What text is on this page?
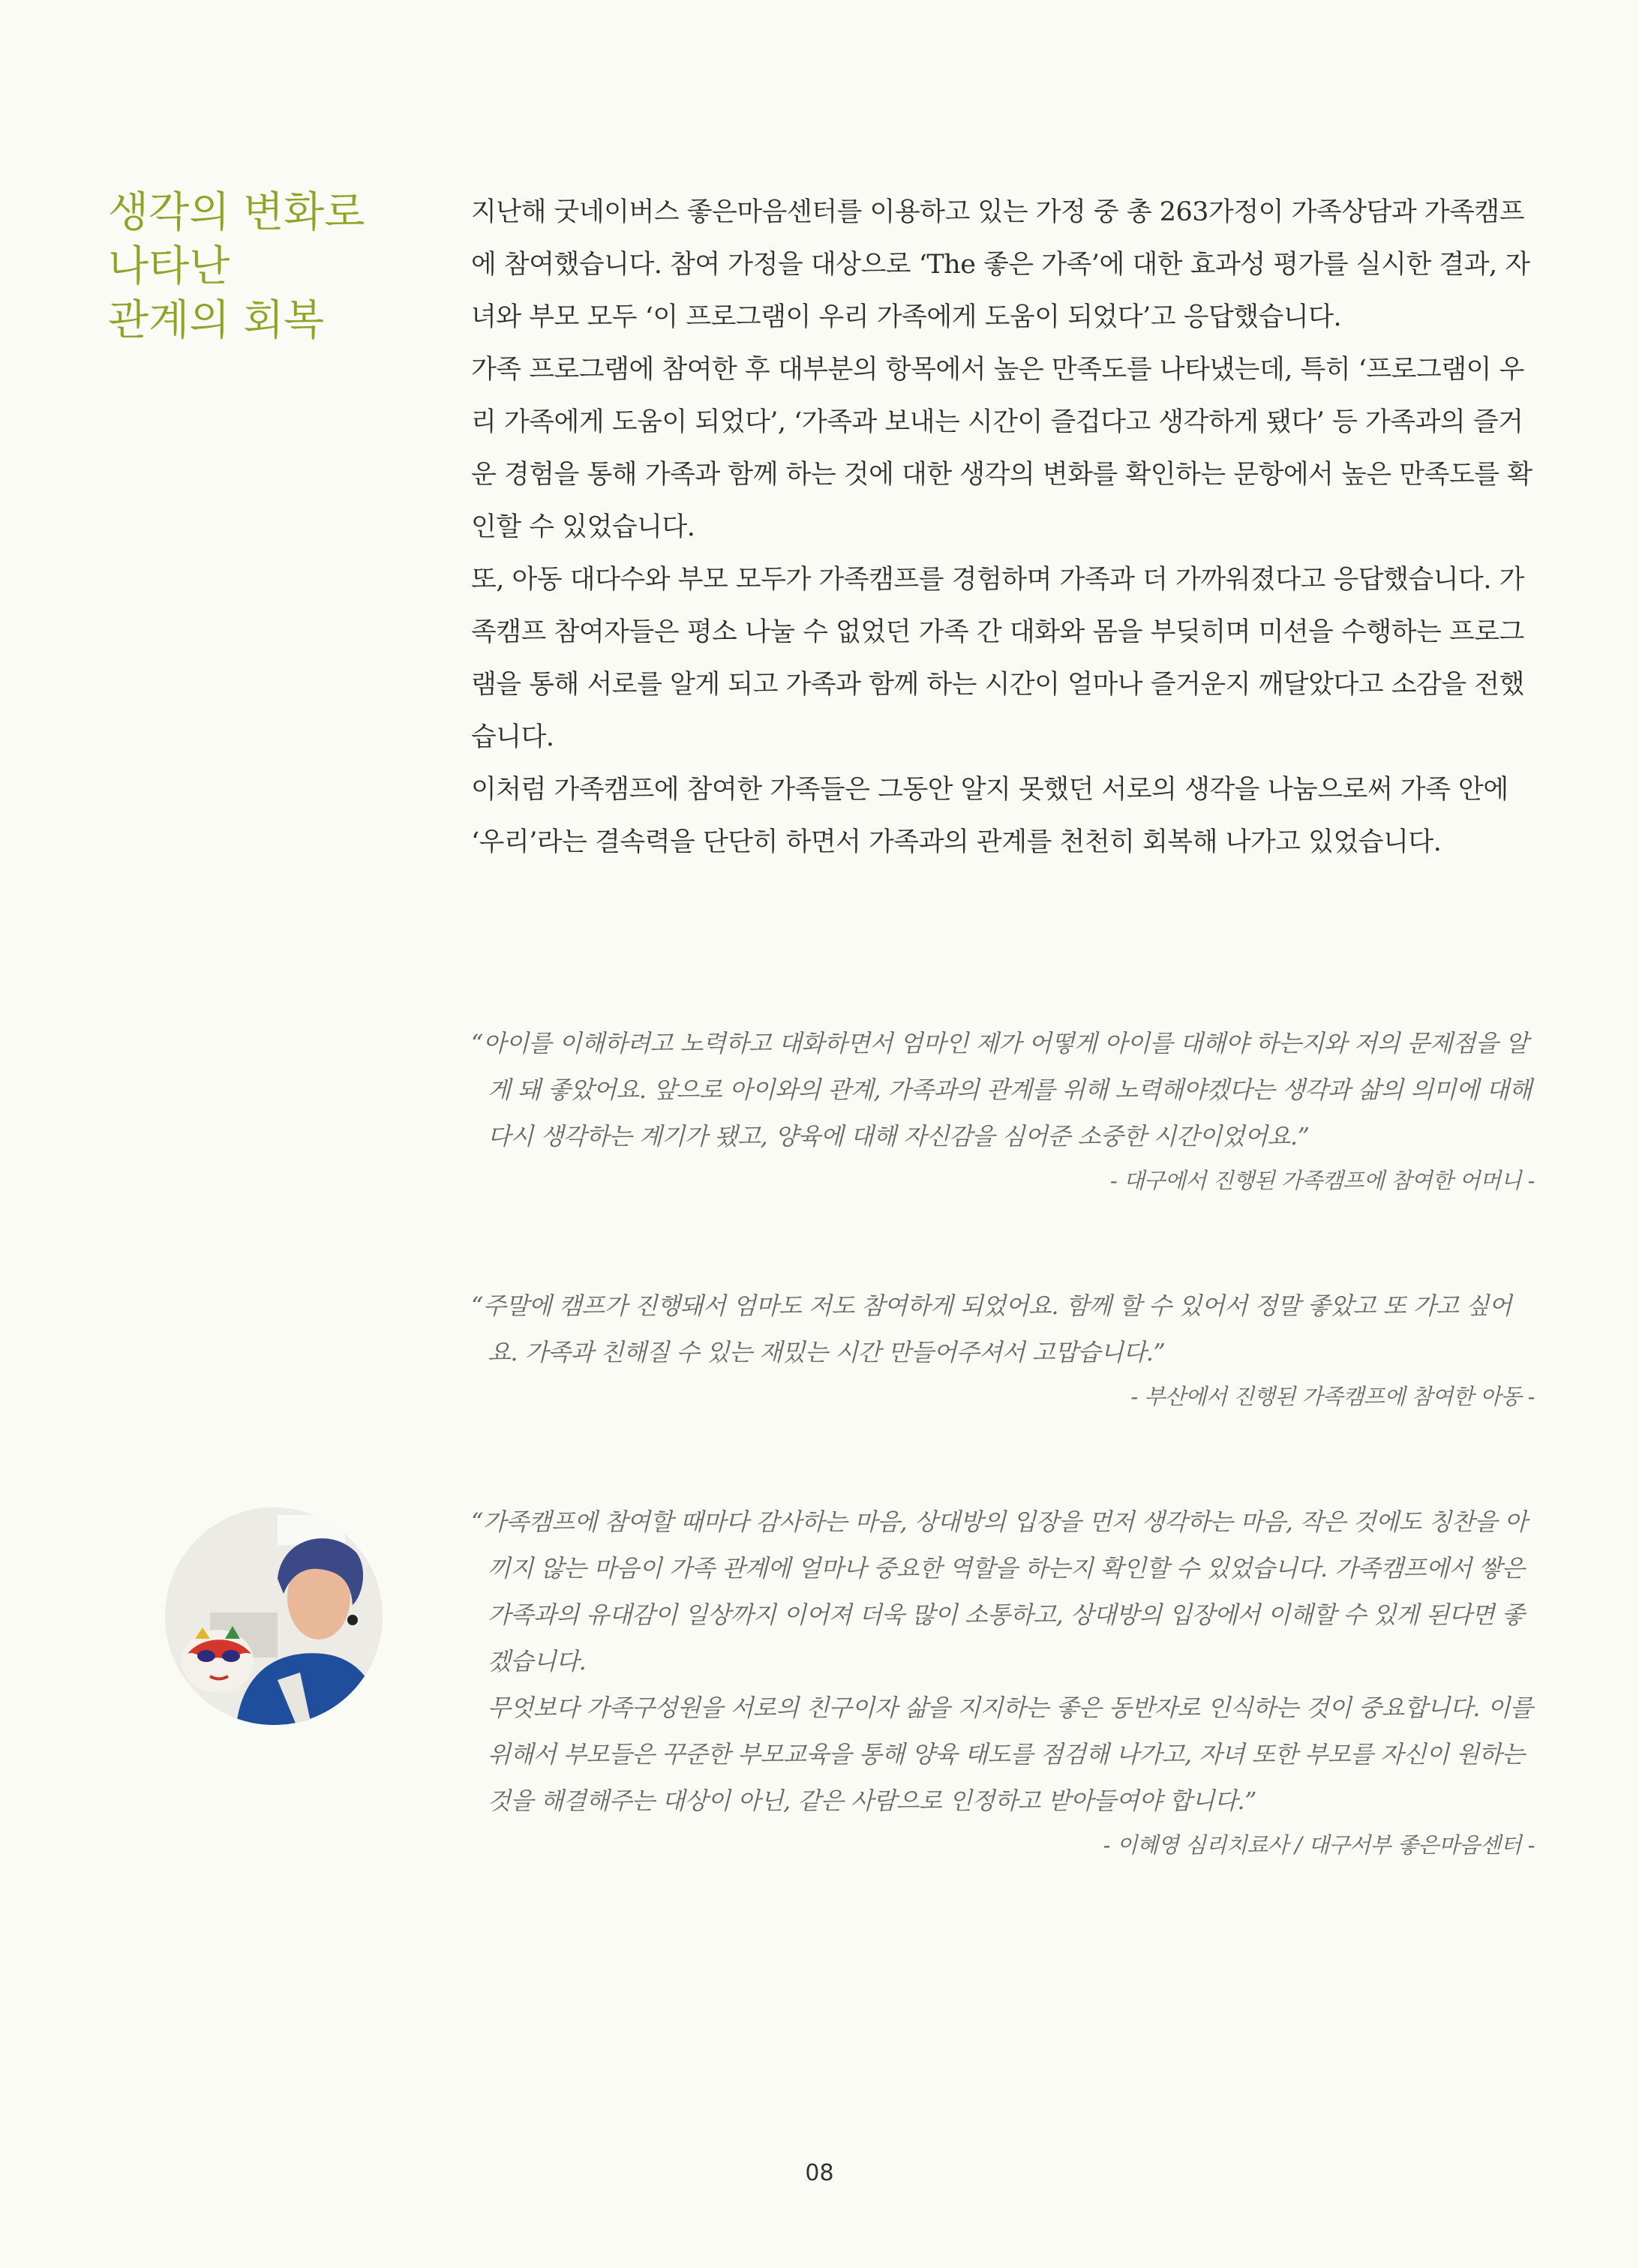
생각의 변화로
나타난
관계의 회복

지난해 굿네이버스 좋은마음센터를 이용하고 있는 가정 중 총 263가정이 가족상담과 가족캠프에 참여했습니다. 참여 가정을 대상으로 ‘The 좋은 가족’에 대한 효과성 평가를 실시한 결과, 자녀와 부모 모두 ‘이 프로그램이 우리 가족에게 도움이 되었다’고 응답했습니다.

가족 프로그램에 참여한 후 대부분의 항목에서 높은 만족도를 나타냈는데, 특히 ‘프로그램이 우리 가족에게 도움이 되었다’, ‘가족과 보내는 시간이 즐겁다고 생각하게 됐다’ 등 가족과의 즐거운 경험을 통해 가족과 함께 하는 것에 대한 생각의 변화를 확인하는 문항에서 높은 만족도를 확인할 수 있었습니다.

또, 아동 대다수와 부모 모두가 가족캠프를 경험하며 가족과 더 가까워졌다고 응답했습니다. 가족캠프 참여자들은 평소 나눌 수 없었던 가족 간 대화와 몸을 부딪히며 미션을 수행하는 프로그램을 통해 서로를 알게 되고 가족과 함께 하는 시간이 얼마나 즐거운지 깨달았다고 소감을 전했습니다.

이처럼 가족캠프에 참여한 가족들은 그동안 알지 못했던 서로의 생각을 나눔으로써 가족 안에 ‘우리’라는 결속력을 단단히 하면서 가족과의 관계를 천천히 회복해 나가고 있었습니다.

“아이를 이해하려고 노력하고 대화하면서 엄마인 제가 어떻게 아이를 대해야 하는지와 저의 문제점을 알게 돼 좋았어요. 앞으로 아이와의 관계, 가족과의 관계를 위해 노력해야겠다는 생각과 삶의 의미에 대해 다시 생각하는 계기가 됐고, 양육에 대해 자신감을 심어준 소중한 시간이었어요.”

- 대구에서 진행된 가족캠프에 참여한 어머니 -

“주말에 캠프가 진행돼서 엄마도 저도 참여하게 되었어요. 함께 할 수 있어서 정말 좋았고 또 가고 싶어요. 가족과 친해질 수 있는 재밌는 시간 만들어주셔서 고맙습니다.”

- 부산에서 진행된 가족캠프에 참여한 아동 -

“가족캠프에 참여할 때마다 감사하는 마음, 상대방의 입장을 먼저 생각하는 마음, 작은 것에도 칭찬을 아끼지 않는 마음이 가족 관계에 얼마나 중요한 역할을 하는지 확인할 수 있었습니다. 가족캠프에서 쌓은 가족과의 유대감이 일상까지 이어져 더욱 많이 소통하고, 상대방의 입장에서 이해할 수 있게 된다면 좋겠습니다.

무엇보다 가족구성원을 서로의 친구이자 삶을 지지하는 좋은 동반자로 인식하는 것이 중요합니다. 이를 위해서 부모들은 꾸준한 부모교육을 통해 양육 태도를 점검해 나가고, 자녀 또한 부모를 자신이 원하는 것을 해결해주는 대상이 아닌, 같은 사람으로 인정하고 받아들여야 합니다.”

- 이혜영 심리치료사 / 대구서부 좋은마음센터 -
08
